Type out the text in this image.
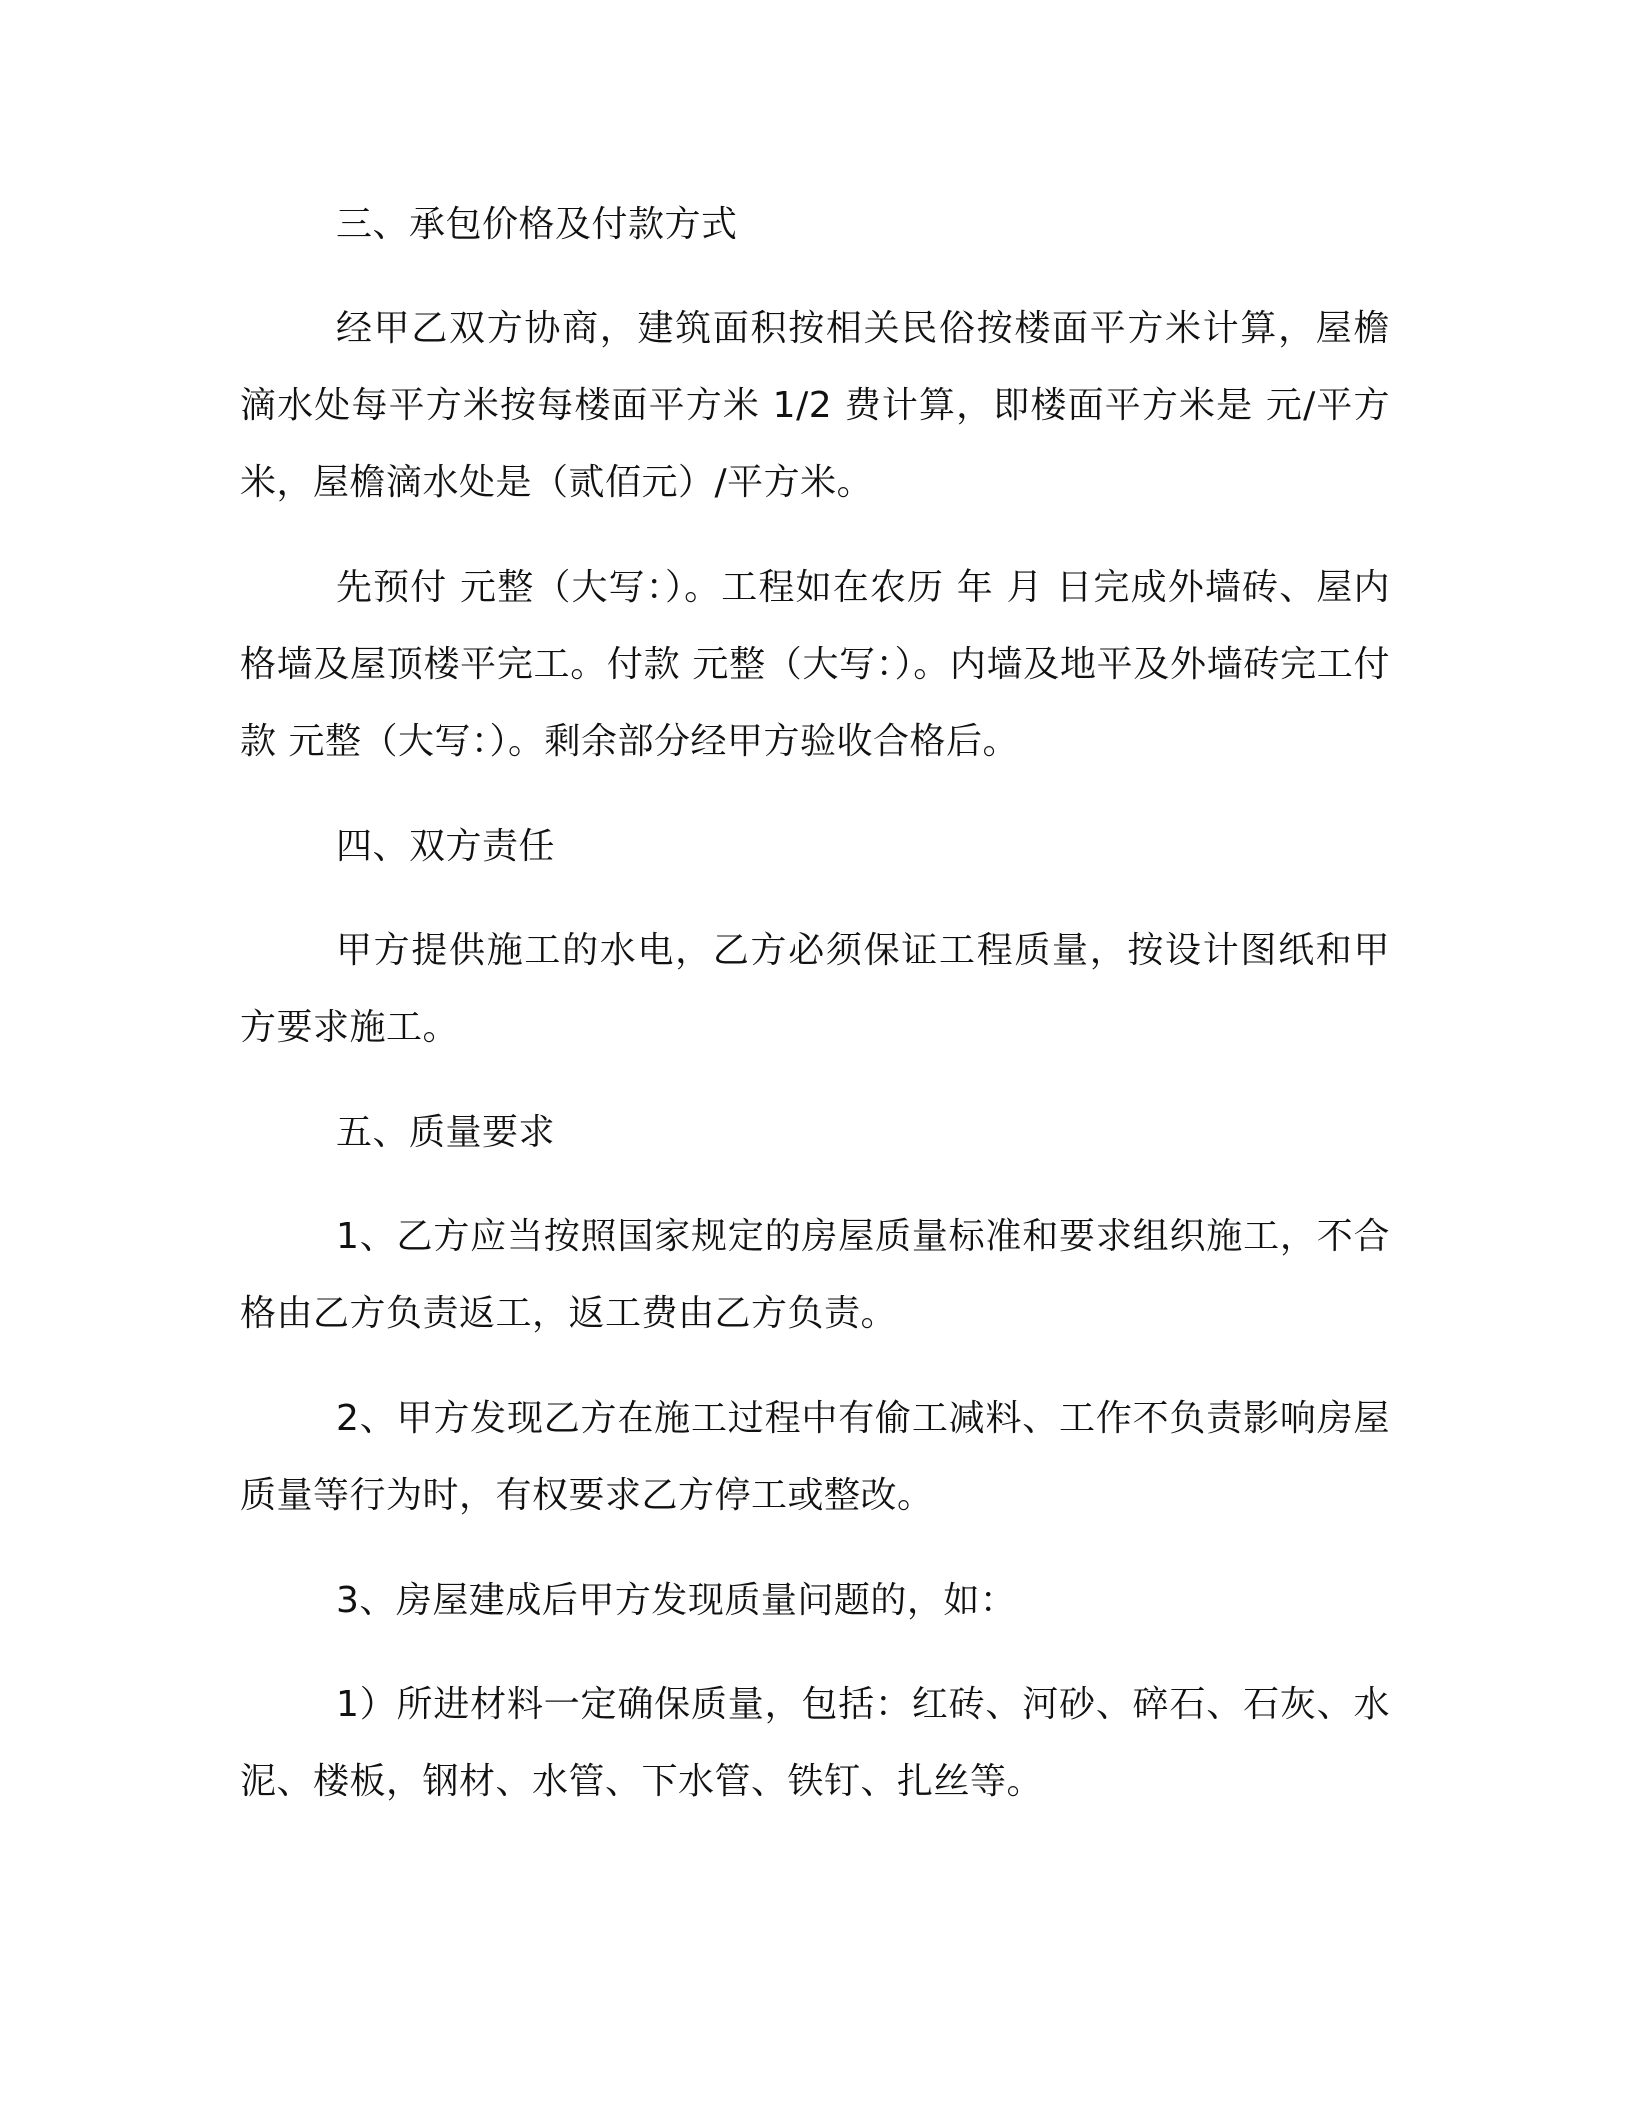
三、承包价格及付款方式

经甲乙双方协商，建筑面积按相关民俗按楼面平方米计算，屋檐滴水处每平方米按每楼面平方米 1/2 费计算，即楼面平方米是 元/平方米，屋檐滴水处是（贰佰元）/平方米。

先预付 元整（大写：）。工程如在农历 年 月 日完成外墙砖、屋内格墙及屋顶楼平完工。付款 元整（大写：）。内墙及地平及外墙砖完工付款 元整（大写：）。剩余部分经甲方验收合格后。

四、双方责任

甲方提供施工的水电，乙方必须保证工程质量，按设计图纸和甲方要求施工。

五、质量要求

1、乙方应当按照国家规定的房屋质量标准和要求组织施工，不合格由乙方负责返工，返工费由乙方负责。

2、甲方发现乙方在施工过程中有偷工减料、工作不负责影响房屋质量等行为时，有权要求乙方停工或整改。

3、房屋建成后甲方发现质量问题的，如：

1）所进材料一定确保质量，包括：红砖、河砂、碎石、石灰、水泥、楼板，钢材、水管、下水管、铁钉、扎丝等。
